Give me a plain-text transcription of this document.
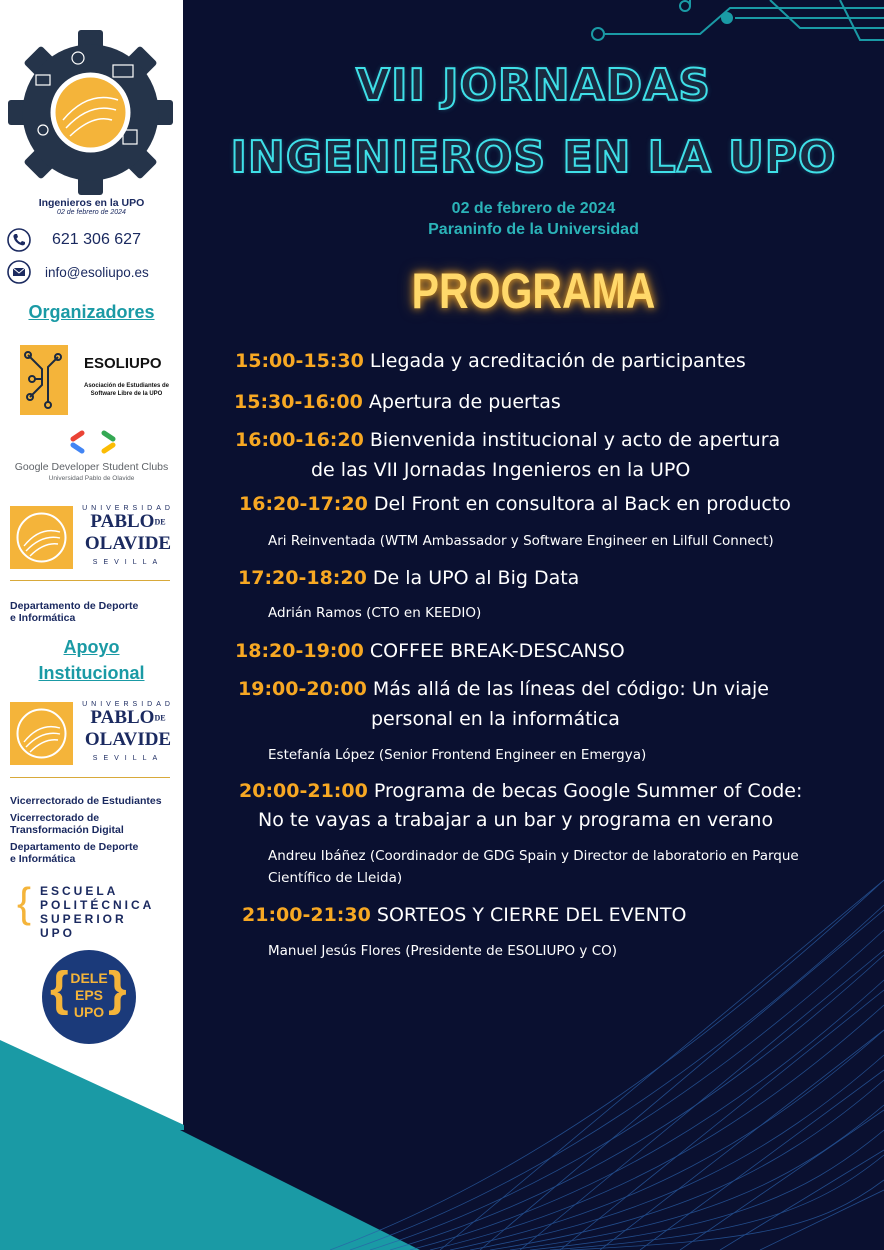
Ingenieros en la UPO
02 de febrero de 2024
621 306 627
info@esoliupo.es
Organizadores
ESOLIUPO
Asociación de Estudiantes de
Software Libre de la UPO
Google Developer Student Clubs
Universidad Pablo de Olavide
UNIVERSIDAD
PABLODE
OLAVIDE
SEVILLA
Departamento de Deporte
e Informática
Apoyo
Institucional
UNIVERSIDAD
PABLODE
OLAVIDE
SEVILLA
Vicerrectorado de Estudiantes
Vicerrectorado de
Transformación Digital
Departamento de Deporte
e Informática
{ ESCUELA
POLITÉCNICA
SUPERIOR
UPO
{ }
DELE
EPS
UPO
VII JORNADAS
INGENIEROS EN LA UPO
02 de febrero de 2024
Paraninfo de la Universidad
PROGRAMA
15:00-15:30 Llegada y acreditación de participantes
15:30-16:00 Apertura de puertas
16:00-16:20 Bienvenida institucional y acto de apertura
de las VII Jornadas Ingenieros en la UPO
16:20-17:20 Del Front en consultora al Back en producto
Ari Reinventada (WTM Ambassador y Software Engineer en Lilfull Connect)
17:20-18:20 De la UPO al Big Data
Adrián Ramos (CTO en KEEDIO)
18:20-19:00 COFFEE BREAK-DESCANSO
19:00-20:00 Más allá de las líneas del código: Un viaje
personal en la informática
Estefanía López (Senior Frontend Engineer en Emergya)
20:00-21:00 Programa de becas Google Summer of Code:
No te vayas a trabajar a un bar y programa en verano
Andreu Ibáñez (Coordinador de GDG Spain y Director de laboratorio en Parque
Científico de Lleida)
21:00-21:30 SORTEOS Y CIERRE DEL EVENTO
Manuel Jesús Flores (Presidente de ESOLIUPO y CO)
